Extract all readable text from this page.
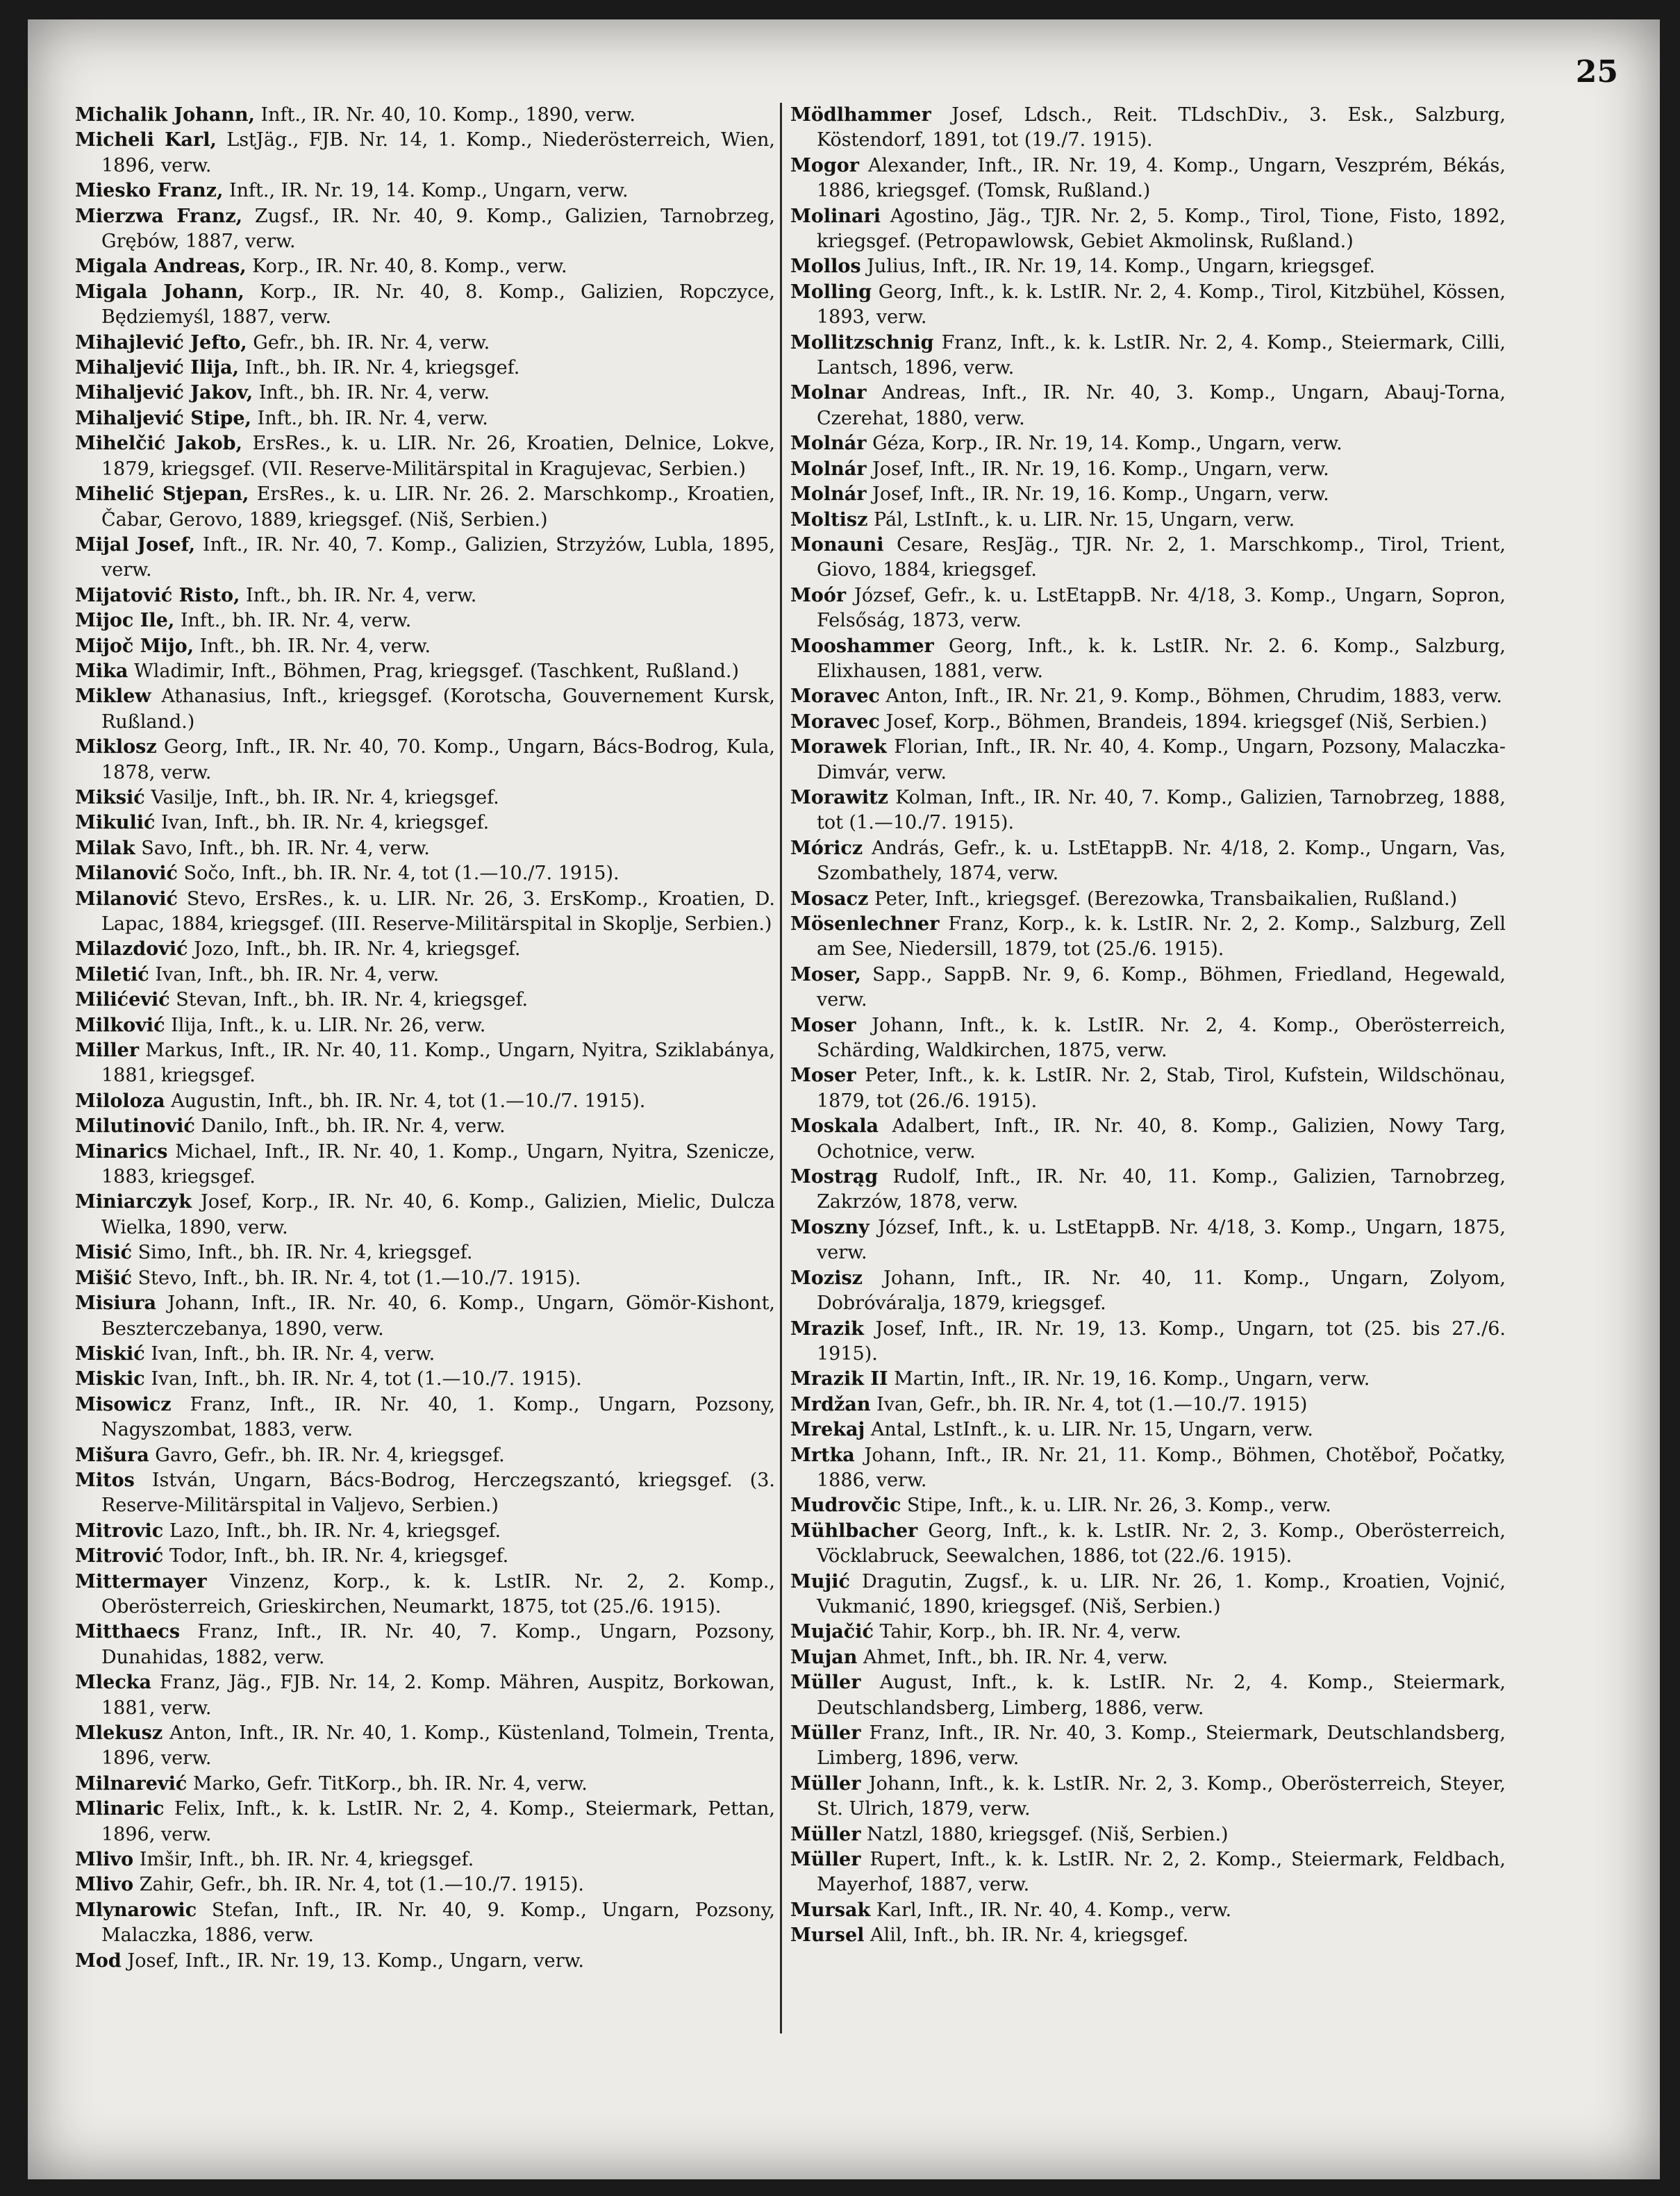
25
Michalik Johann, Inft., IR. Nr. 40, 10. Komp., 1890, verw.
Micheli Karl, LstJäg., FJB. Nr. 14, 1. Komp., Niederösterreich, Wien, 1896, verw.
Miesko Franz, Inft., IR. Nr. 19, 14. Komp., Ungarn, verw.
Mierzwa Franz, Zugsf., IR. Nr. 40, 9. Komp., Galizien, Tarnobrzeg, Grębów, 1887, verw.
Migala Andreas, Korp., IR. Nr. 40, 8. Komp., verw.
Migala Johann, Korp., IR. Nr. 40, 8. Komp., Galizien, Ropczyce, Będziemyśl, 1887, verw.
Mihajlević Jefto, Gefr., bh. IR. Nr. 4, verw.
Mihaljević Ilija, Inft., bh. IR. Nr. 4, kriegsgef.
Mihaljević Jakov, Inft., bh. IR. Nr. 4, verw.
Mihaljević Stipe, Inft., bh. IR. Nr. 4, verw.
Mihelčić Jakob, ErsRes., k. u. LIR. Nr. 26, Kroatien, Delnice, Lokve, 1879, kriegsgef. (VII. Reserve-Militärspital in Kragujevac, Serbien.)
Mihelić Stjepan, ErsRes., k. u. LIR. Nr. 26. 2. Marschkomp., Kroatien, Čabar, Gerovo, 1889, kriegsgef. (Niš, Serbien.)
Mijal Josef, Inft., IR. Nr. 40, 7. Komp., Galizien, Strzyżów, Lubla, 1895, verw.
Mijatović Risto, Inft., bh. IR. Nr. 4, verw.
Mijoc Ile, Inft., bh. IR. Nr. 4, verw.
Mijoč Mijo, Inft., bh. IR. Nr. 4, verw.
Mika Wladimir, Inft., Böhmen, Prag, kriegsgef. (Taschkent, Rußland.)
Miklew Athanasius, Inft., kriegsgef. (Korotscha, Gouvernement Kursk, Rußland.)
Miklosz Georg, Inft., IR. Nr. 40, 70. Komp., Ungarn, Bács-Bodrog, Kula, 1878, verw.
Miksić Vasilje, Inft., bh. IR. Nr. 4, kriegsgef.
Mikulić Ivan, Inft., bh. IR. Nr. 4, kriegsgef.
Milak Savo, Inft., bh. IR. Nr. 4, verw.
Milanović Sočo, Inft., bh. IR. Nr. 4, tot (1.—10./7. 1915).
Milanović Stevo, ErsRes., k. u. LIR. Nr. 26, 3. ErsKomp., Kroatien, D. Lapac, 1884, kriegsgef. (III. Reserve-Militärspital in Skoplje, Serbien.)
Milazdović Jozo, Inft., bh. IR. Nr. 4, kriegsgef.
Miletić Ivan, Inft., bh. IR. Nr. 4, verw.
Milićević Stevan, Inft., bh. IR. Nr. 4, kriegsgef.
Milković Ilija, Inft., k. u. LIR. Nr. 26, verw.
Miller Markus, Inft., IR. Nr. 40, 11. Komp., Ungarn, Nyitra, Sziklabánya, 1881, kriegsgef.
Miloloza Augustin, Inft., bh. IR. Nr. 4, tot (1.—10./7. 1915).
Milutinović Danilo, Inft., bh. IR. Nr. 4, verw.
Minarics Michael, Inft., IR. Nr. 40, 1. Komp., Ungarn, Nyitra, Szenicze, 1883, kriegsgef.
Miniarczyk Josef, Korp., IR. Nr. 40, 6. Komp., Galizien, Mielic, Dulcza Wielka, 1890, verw.
Misić Simo, Inft., bh. IR. Nr. 4, kriegsgef.
Mišić Stevo, Inft., bh. IR. Nr. 4, tot (1.—10./7. 1915).
Misiura Johann, Inft., IR. Nr. 40, 6. Komp., Ungarn, Gömör-Kishont, Beszterczebanya, 1890, verw.
Miskić Ivan, Inft., bh. IR. Nr. 4, verw.
Miskic Ivan, Inft., bh. IR. Nr. 4, tot (1.—10./7. 1915).
Misowicz Franz, Inft., IR. Nr. 40, 1. Komp., Ungarn, Pozsony, Nagyszombat, 1883, verw.
Mišura Gavro, Gefr., bh. IR. Nr. 4, kriegsgef.
Mitos István, Ungarn, Bács-Bodrog, Herczegszantó, kriegsgef. (3. Reserve-Militärspital in Valjevo, Serbien.)
Mitrovic Lazo, Inft., bh. IR. Nr. 4, kriegsgef.
Mitrović Todor, Inft., bh. IR. Nr. 4, kriegsgef.
Mittermayer Vinzenz, Korp., k. k. LstIR. Nr. 2, 2. Komp., Oberösterreich, Grieskirchen, Neumarkt, 1875, tot (25./6. 1915).
Mitthaecs Franz, Inft., IR. Nr. 40, 7. Komp., Ungarn, Pozsony, Dunahidas, 1882, verw.
Mlecka Franz, Jäg., FJB. Nr. 14, 2. Komp. Mähren, Auspitz, Borkowan, 1881, verw.
Mlekusz Anton, Inft., IR. Nr. 40, 1. Komp., Küstenland, Tolmein, Trenta, 1896, verw.
Milnarević Marko, Gefr. TitKorp., bh. IR. Nr. 4, verw.
Mlinaric Felix, Inft., k. k. LstIR. Nr. 2, 4. Komp., Steiermark, Pettan, 1896, verw.
Mlivo Imšir, Inft., bh. IR. Nr. 4, kriegsgef.
Mlivo Zahir, Gefr., bh. IR. Nr. 4, tot (1.—10./7. 1915).
Mlynarowic Stefan, Inft., IR. Nr. 40, 9. Komp., Ungarn, Pozsony, Malaczka, 1886, verw.
Mod Josef, Inft., IR. Nr. 19, 13. Komp., Ungarn, verw.
Mödlhammer Josef, Ldsch., Reit. TLdschDiv., 3. Esk., Salzburg, Köstendorf, 1891, tot (19./7. 1915).
Mogor Alexander, Inft., IR. Nr. 19, 4. Komp., Ungarn, Veszprém, Békás, 1886, kriegsgef. (Tomsk, Rußland.)
Molinari Agostino, Jäg., TJR. Nr. 2, 5. Komp., Tirol, Tione, Fisto, 1892, kriegsgef. (Petropawlowsk, Gebiet Akmolinsk, Rußland.)
Mollos Julius, Inft., IR. Nr. 19, 14. Komp., Ungarn, kriegsgef.
Molling Georg, Inft., k. k. LstIR. Nr. 2, 4. Komp., Tirol, Kitzbühel, Kössen, 1893, verw.
Mollitzschnig Franz, Inft., k. k. LstIR. Nr. 2, 4. Komp., Steiermark, Cilli, Lantsch, 1896, verw.
Molnar Andreas, Inft., IR. Nr. 40, 3. Komp., Ungarn, Abauj-Torna, Czerehat, 1880, verw.
Molnár Géza, Korp., IR. Nr. 19, 14. Komp., Ungarn, verw.
Molnár Josef, Inft., IR. Nr. 19, 16. Komp., Ungarn, verw.
Molnár Josef, Inft., IR. Nr. 19, 16. Komp., Ungarn, verw.
Moltisz Pál, LstInft., k. u. LIR. Nr. 15, Ungarn, verw.
Monauni Cesare, ResJäg., TJR. Nr. 2, 1. Marschkomp., Tirol, Trient, Giovo, 1884, kriegsgef.
Moór József, Gefr., k. u. LstEtappB. Nr. 4/18, 3. Komp., Ungarn, Sopron, Felsőság, 1873, verw.
Mooshammer Georg, Inft., k. k. LstIR. Nr. 2. 6. Komp., Salzburg, Elixhausen, 1881, verw.
Moravec Anton, Inft., IR. Nr. 21, 9. Komp., Böhmen, Chrudim, 1883, verw.
Moravec Josef, Korp., Böhmen, Brandeis, 1894. kriegsgef (Niš, Serbien.)
Morawek Florian, Inft., IR. Nr. 40, 4. Komp., Ungarn, Pozsony, Malaczka-Dimvár, verw.
Morawitz Kolman, Inft., IR. Nr. 40, 7. Komp., Galizien, Tarnobrzeg, 1888, tot (1.—10./7. 1915).
Móricz András, Gefr., k. u. LstEtappB. Nr. 4/18, 2. Komp., Ungarn, Vas, Szombathely, 1874, verw.
Mosacz Peter, Inft., kriegsgef. (Berezowka, Transbaikalien, Rußland.)
Mösenlechner Franz, Korp., k. k. LstIR. Nr. 2, 2. Komp., Salzburg, Zell am See, Niedersill, 1879, tot (25./6. 1915).
Moser, Sapp., SappB. Nr. 9, 6. Komp., Böhmen, Friedland, Hegewald, verw.
Moser Johann, Inft., k. k. LstIR. Nr. 2, 4. Komp., Oberösterreich, Schärding, Waldkirchen, 1875, verw.
Moser Peter, Inft., k. k. LstIR. Nr. 2, Stab, Tirol, Kufstein, Wildschönau, 1879, tot (26./6. 1915).
Moskala Adalbert, Inft., IR. Nr. 40, 8. Komp., Galizien, Nowy Targ, Ochotnice, verw.
Mostrąg Rudolf, Inft., IR. Nr. 40, 11. Komp., Galizien, Tarnobrzeg, Zakrzów, 1878, verw.
Moszny József, Inft., k. u. LstEtappB. Nr. 4/18, 3. Komp., Ungarn, 1875, verw.
Mozisz Johann, Inft., IR. Nr. 40, 11. Komp., Ungarn, Zolyom, Dobróváralja, 1879, kriegsgef.
Mrazik Josef, Inft., IR. Nr. 19, 13. Komp., Ungarn, tot (25. bis 27./6. 1915).
Mrazik II Martin, Inft., IR. Nr. 19, 16. Komp., Ungarn, verw.
Mrdžan Ivan, Gefr., bh. IR. Nr. 4, tot (1.—10./7. 1915)
Mrekaj Antal, LstInft., k. u. LIR. Nr. 15, Ungarn, verw.
Mrtka Johann, Inft., IR. Nr. 21, 11. Komp., Böhmen, Chotěboř, Počatky, 1886, verw.
Mudrovčic Stipe, Inft., k. u. LIR. Nr. 26, 3. Komp., verw.
Mühlbacher Georg, Inft., k. k. LstIR. Nr. 2, 3. Komp., Oberösterreich, Vöcklabruck, Seewalchen, 1886, tot (22./6. 1915).
Mujić Dragutin, Zugsf., k. u. LIR. Nr. 26, 1. Komp., Kroatien, Vojnić, Vukmanić, 1890, kriegsgef. (Niš, Serbien.)
Mujačić Tahir, Korp., bh. IR. Nr. 4, verw.
Mujan Ahmet, Inft., bh. IR. Nr. 4, verw.
Müller August, Inft., k. k. LstIR. Nr. 2, 4. Komp., Steiermark, Deutschlandsberg, Limberg, 1886, verw.
Müller Franz, Inft., IR. Nr. 40, 3. Komp., Steiermark, Deutschlandsberg, Limberg, 1896, verw.
Müller Johann, Inft., k. k. LstIR. Nr. 2, 3. Komp., Oberösterreich, Steyer, St. Ulrich, 1879, verw.
Müller Natzl, 1880, kriegsgef. (Niš, Serbien.)
Müller Rupert, Inft., k. k. LstIR. Nr. 2, 2. Komp., Steiermark, Feldbach, Mayerhof, 1887, verw.
Mursak Karl, Inft., IR. Nr. 40, 4. Komp., verw.
Mursel Alil, Inft., bh. IR. Nr. 4, kriegsgef.
